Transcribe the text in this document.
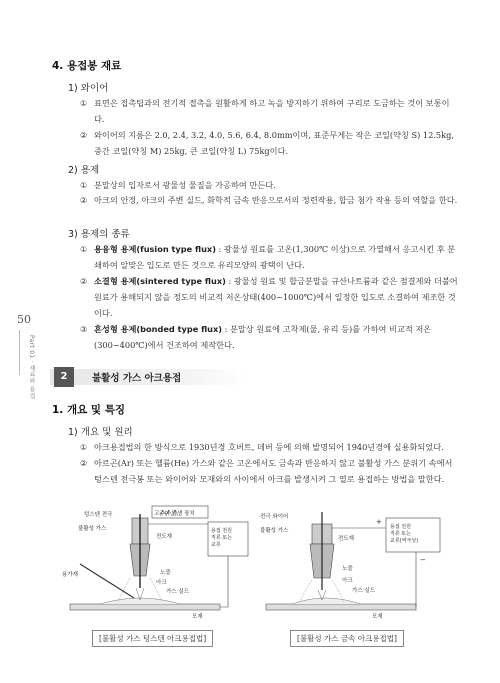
50
Part 01 · 재료와 용접
4. 용접봉 재료
1) 와이어
① 표면은 접촉팁과의 전기적 접촉을 원활하게 하고 녹을 방지하기 위하여 구리로 도금하는 것이 보통이다.
② 와이어의 지름은 2.0, 2.4, 3.2, 4.0, 5.6, 6.4, 8.0mm이며, 표준무게는 작은 코일(약칭 S) 12.5kg, 중간 코일(약칭 M) 25kg, 큰 코일(약칭 L) 75kg이다.
2) 용제
① 분말상의 입자로서 광물성 물질을 가공하여 만든다.
② 아크의 안정, 아크의 주변 실드, 화학적 금속 반응으로서의 정련작용, 합금 첨가 작용 등의 역할을 한다.
3) 용제의 종류
① 용융형 용제(fusion type flux) : 광물성 원료를 고온(1,300℃ 이상)으로 가열해서 응고시킨 후 분쇄하여 알맞은 입도로 만든 것으로 유리모양의 광택이 난다.
② 소결형 용제(sintered type flux) : 광물성 원료 및 합금분말을 규산나트륨과 같은 점결제와 더불어 원료가 용해되지 않을 정도의 비교적 저온상태(400~1000℃)에서 일정한 입도로 소결하여 제조한 것이다.
③ 혼성형 용제(bonded type flux) : 분말상 원료에 고착제(물, 유리 등)를 가하여 비교적 저온(300~400℃)에서 건조하여 제작한다.
2	불활성 가스 아크용접
1. 개요 및 특징
1) 개요 및 원리
① 아크용접법의 한 방식으로 1930년경 호버트, 데버 등에 의해 발명되어 1940년경에 실용화되었다.
② 아르곤(Ar) 또는 헬륨(He) 가스와 같은 고온에서도 금속과 반응하지 않고 불활성 가스 분위기 속에서 텅스텐 전극봉 또는 와이어와 모재와의 사이에서 아크를 발생시켜 그 열로 용접하는 방법을 말한다.
텅스텐 전극	고주파 발생 장치
불활성 가스
전도재
용가재	노즐
아크
가스 실드
모재
용접 전원 직류 또는 교류
[불활성 가스 텅스텐 아크용접법]
+
−
전극 와이어
불활성 가스
전도재
노즐
아크
가스 실드
모재
용접 전원 직류 또는 교류(역극성)
[불활성 가스 금속 아크용접법]
